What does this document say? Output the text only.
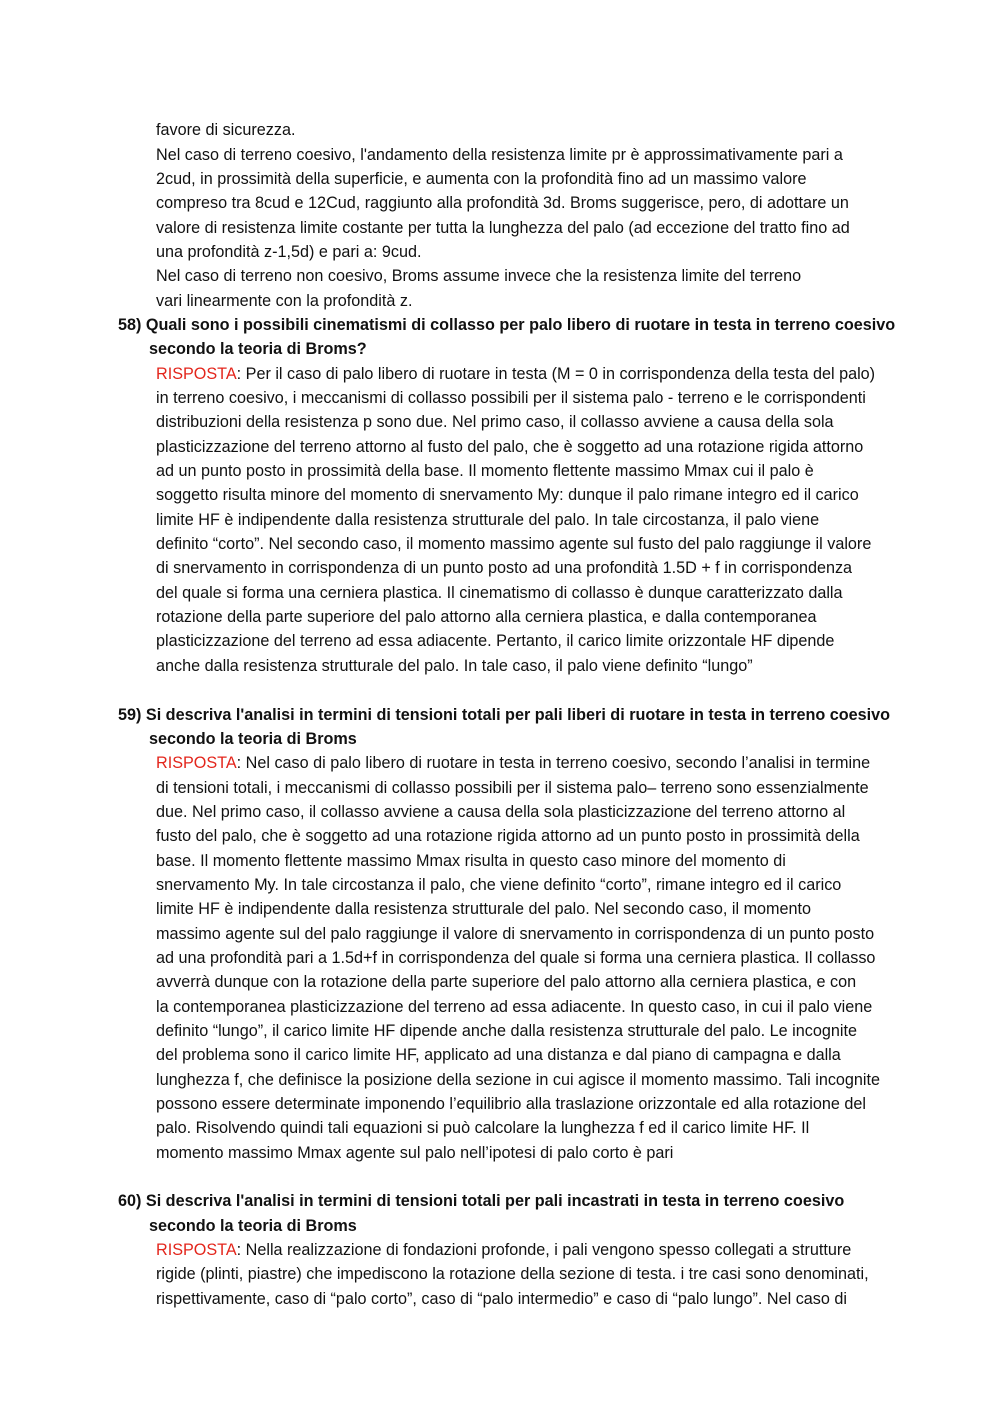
favore di sicurezza.
Nel caso di terreno coesivo, l'andamento della resistenza limite pr è approssimativamente pari a
2cud, in prossimità della superficie, e aumenta con la profondità fino ad un massimo valore
compreso tra 8cud e 12Cud, raggiunto alla profondità 3d. Broms suggerisce, pero, di adottare un
valore di resistenza limite costante per tutta la lunghezza del palo (ad eccezione del tratto fino ad
una profondità z-1,5d) e pari a: 9cud.
Nel caso di terreno non coesivo, Broms assume invece che la resistenza limite del terreno
vari linearmente con la profondità z.
58) Quali sono i possibili cinematismi di collasso per palo libero di ruotare in testa in terreno coesivo
secondo la teoria di Broms?
RISPOSTA: Per il caso di palo libero di ruotare in testa (M = 0 in corrispondenza della testa del palo)
in terreno coesivo, i meccanismi di collasso possibili per il sistema palo - terreno e le corrispondenti
distribuzioni della resistenza p sono due. Nel primo caso, il collasso avviene a causa della sola
plasticizzazione del terreno attorno al fusto del palo, che è soggetto ad una rotazione rigida attorno
ad un punto posto in prossimità della base. Il momento flettente massimo Mmax cui il palo è
soggetto risulta minore del momento di snervamento My: dunque il palo rimane integro ed il carico
limite HF è indipendente dalla resistenza strutturale del palo. In tale circostanza, il palo viene
definito “corto”. Nel secondo caso, il momento massimo agente sul fusto del palo raggiunge il valore
di snervamento in corrispondenza di un punto posto ad una profondità 1.5D + f in corrispondenza
del quale si forma una cerniera plastica. Il cinematismo di collasso è dunque caratterizzato dalla
rotazione della parte superiore del palo attorno alla cerniera plastica, e dalla contemporanea
plasticizzazione del terreno ad essa adiacente. Pertanto, il carico limite orizzontale HF dipende
anche dalla resistenza strutturale del palo. In tale caso, il palo viene definito “lungo”
59) Si descriva l'analisi in termini di tensioni totali per pali liberi di ruotare in testa in terreno coesivo
secondo la teoria di Broms
RISPOSTA: Nel caso di palo libero di ruotare in testa in terreno coesivo, secondo l’analisi in termine
di tensioni totali, i meccanismi di collasso possibili per il sistema palo– terreno sono essenzialmente
due. Nel primo caso, il collasso avviene a causa della sola plasticizzazione del terreno attorno al
fusto del palo, che è soggetto ad una rotazione rigida attorno ad un punto posto in prossimità della
base. Il momento flettente massimo Mmax risulta in questo caso minore del momento di
snervamento My. In tale circostanza il palo, che viene definito “corto”, rimane integro ed il carico
limite HF è indipendente dalla resistenza strutturale del palo. Nel secondo caso, il momento
massimo agente sul del palo raggiunge il valore di snervamento in corrispondenza di un punto posto
ad una profondità pari a 1.5d+f in corrispondenza del quale si forma una cerniera plastica. Il collasso
avverrà dunque con la rotazione della parte superiore del palo attorno alla cerniera plastica, e con
la contemporanea plasticizzazione del terreno ad essa adiacente. In questo caso, in cui il palo viene
definito “lungo”, il carico limite HF dipende anche dalla resistenza strutturale del palo. Le incognite
del problema sono il carico limite HF, applicato ad una distanza e dal piano di campagna e dalla
lunghezza f, che definisce la posizione della sezione in cui agisce il momento massimo. Tali incognite
possono essere determinate imponendo l’equilibrio alla traslazione orizzontale ed alla rotazione del
palo. Risolvendo quindi tali equazioni si può calcolare la lunghezza f ed il carico limite HF. Il
momento massimo Mmax agente sul palo nell’ipotesi di palo corto è pari
60) Si descriva l'analisi in termini di tensioni totali per pali incastrati in testa in terreno coesivo
secondo la teoria di Broms
RISPOSTA: Nella realizzazione di fondazioni profonde, i pali vengono spesso collegati a strutture
rigide (plinti, piastre) che impediscono la rotazione della sezione di testa. i tre casi sono denominati,
rispettivamente, caso di “palo corto”, caso di “palo intermedio” e caso di “palo lungo”. Nel caso di
